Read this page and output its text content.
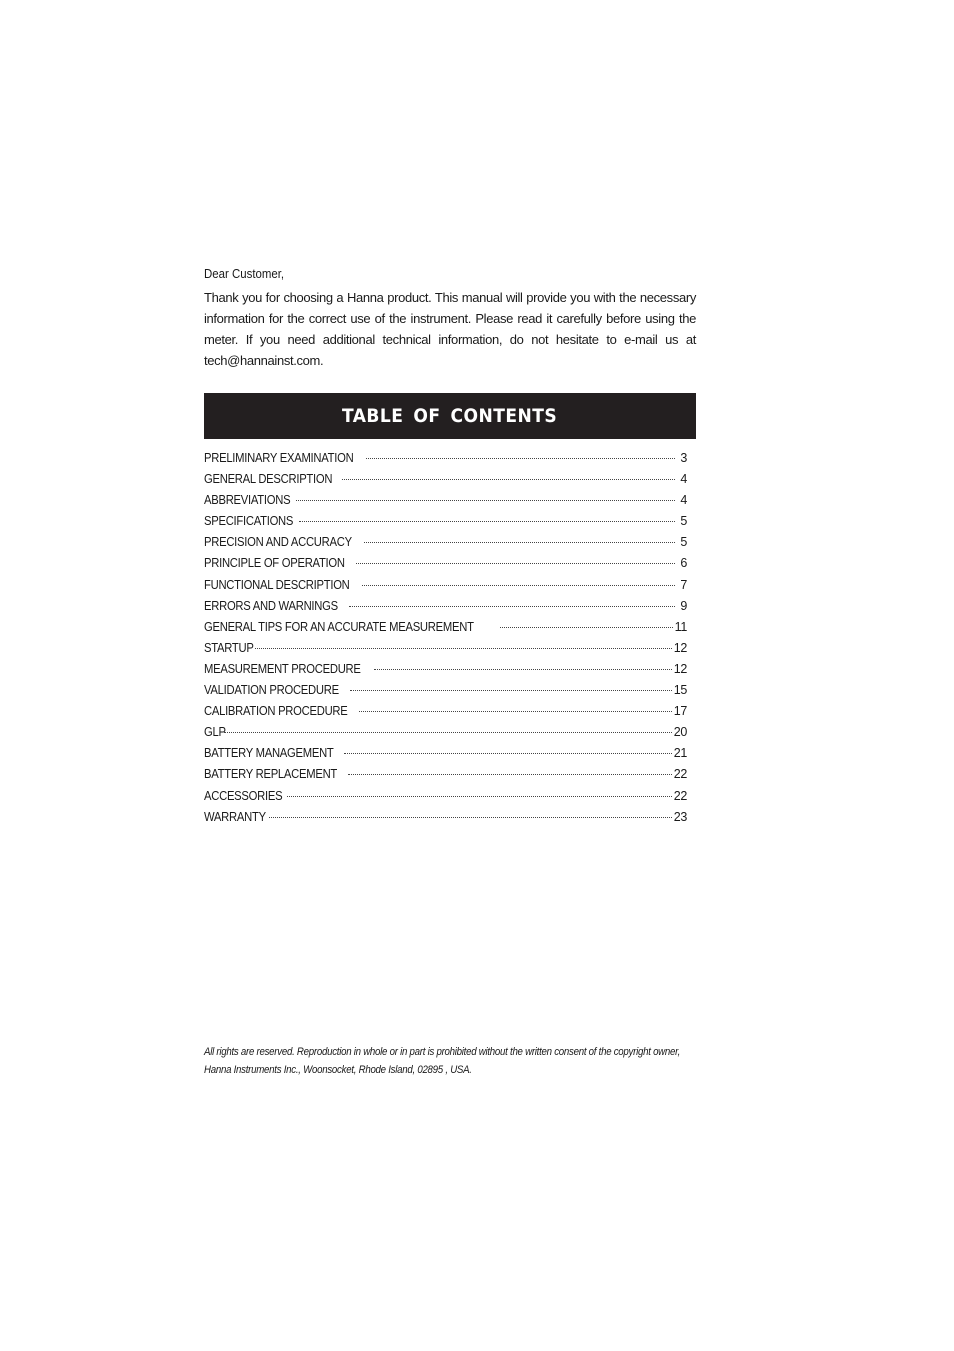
Dear Customer,
Thank you for choosing a Hanna product. This manual will provide you with the necessary information for the correct use of the instrument. Please read it carefully before using the meter. If you need additional technical information, do not hesitate to e-mail us at tech@hannainst.com.
TABLE OF CONTENTS
PRELIMINARY EXAMINATION	3
GENERAL DESCRIPTION	4
ABBREVIATIONS	4
SPECIFICATIONS	5
PRECISION AND ACCURACY	5
PRINCIPLE OF OPERATION	6
FUNCTIONAL DESCRIPTION	7
ERRORS AND WARNINGS	9
GENERAL TIPS FOR AN ACCURATE MEASUREMENT	11
STARTUP	12
MEASUREMENT PROCEDURE	12
VALIDATION PROCEDURE	15
CALIBRATION PROCEDURE	17
GLP	20
BATTERY MANAGEMENT	21
BATTERY REPLACEMENT	22
ACCESSORIES	22
WARRANTY	23
All rights are reserved. Reproduction in whole or in part is prohibited without the written consent of the copyright owner,
Hanna Instruments Inc., Woonsocket, Rhode Island, 02895 , USA.
